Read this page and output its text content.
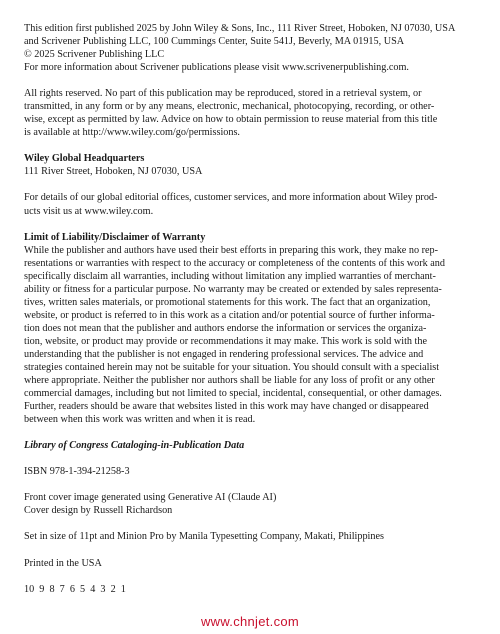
This edition first published 2025 by John Wiley & Sons, Inc., 111 River Street, Hoboken, NJ 07030, USA
and Scrivener Publishing LLC, 100 Cummings Center, Suite 541J, Beverly, MA 01915, USA
© 2025 Scrivener Publishing LLC
For more information about Scrivener publications please visit www.scrivenerpublishing.com.

All rights reserved. No part of this publication may be reproduced, stored in a retrieval system, or
transmitted, in any form or by any means, electronic, mechanical, photocopying, recording, or other-
wise, except as permitted by law. Advice on how to obtain permission to reuse material from this title
is available at http://www.wiley.com/go/permissions.

Wiley Global Headquarters
111 River Street, Hoboken, NJ 07030, USA

For details of our global editorial offices, customer services, and more information about Wiley prod-
ucts visit us at www.wiley.com.

Limit of Liability/Disclaimer of Warranty
While the publisher and authors have used their best efforts in preparing this work, they make no rep-
resentations or warranties with respect to the accuracy or completeness of the contents of this work and
specifically disclaim all warranties, including without limitation any implied warranties of merchant-
ability or fitness for a particular purpose. No warranty may be created or extended by sales representa-
tives, written sales materials, or promotional statements for this work. The fact that an organization,
website, or product is referred to in this work as a citation and/or potential source of further informa-
tion does not mean that the publisher and authors endorse the information or services the organiza-
tion, website, or product may provide or recommendations it may make. This work is sold with the
understanding that the publisher is not engaged in rendering professional services. The advice and
strategies contained herein may not be suitable for your situation. You should consult with a specialist
where appropriate. Neither the publisher nor authors shall be liable for any loss of profit or any other
commercial damages, including but not limited to special, incidental, consequential, or other damages.
Further, readers should be aware that websites listed in this work may have changed or disappeared
between when this work was written and when it is read.

Library of Congress Cataloging-in-Publication Data

ISBN 978-1-394-21258-3

Front cover image generated using Generative AI (Claude AI)
Cover design by Russell Richardson

Set in size of 11pt and Minion Pro by Manila Typesetting Company, Makati, Philippines

Printed in the USA

10  9  8  7  6  5  4  3  2  1

www.chnjet.com
